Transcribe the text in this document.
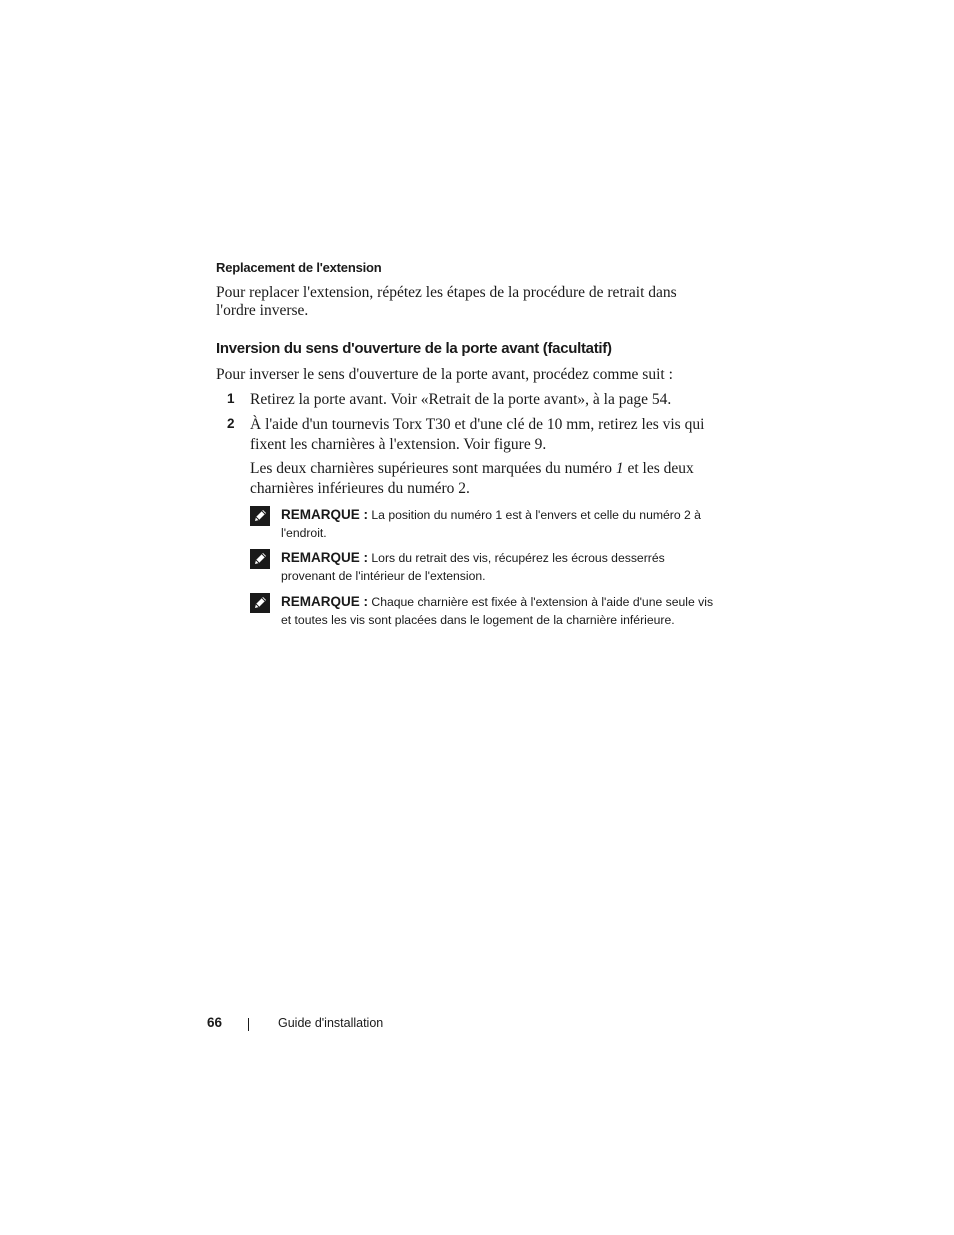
Replacement de l'extension
Pour replacer l'extension, répétez les étapes de la procédure de retrait dans l'ordre inverse.
Inversion du sens d'ouverture de la porte avant (facultatif)
Pour inverser le sens d'ouverture de la porte avant, procédez comme suit :
1 Retirez la porte avant. Voir «Retrait de la porte avant», à la page 54.
2 À l'aide d'un tournevis Torx T30 et d'une clé de 10 mm, retirez les vis qui fixent les charnières à l'extension. Voir figure 9.
Les deux charnières supérieures sont marquées du numéro 1 et les deux charnières inférieures du numéro 2.
REMARQUE : La position du numéro 1 est à l'envers et celle du numéro 2 à l'endroit.
REMARQUE : Lors du retrait des vis, récupérez les écrous desserrés provenant de l'intérieur de l'extension.
REMARQUE : Chaque charnière est fixée à l'extension à l'aide d'une seule vis et toutes les vis sont placées dans le logement de la charnière inférieure.
66	Guide d'installation
